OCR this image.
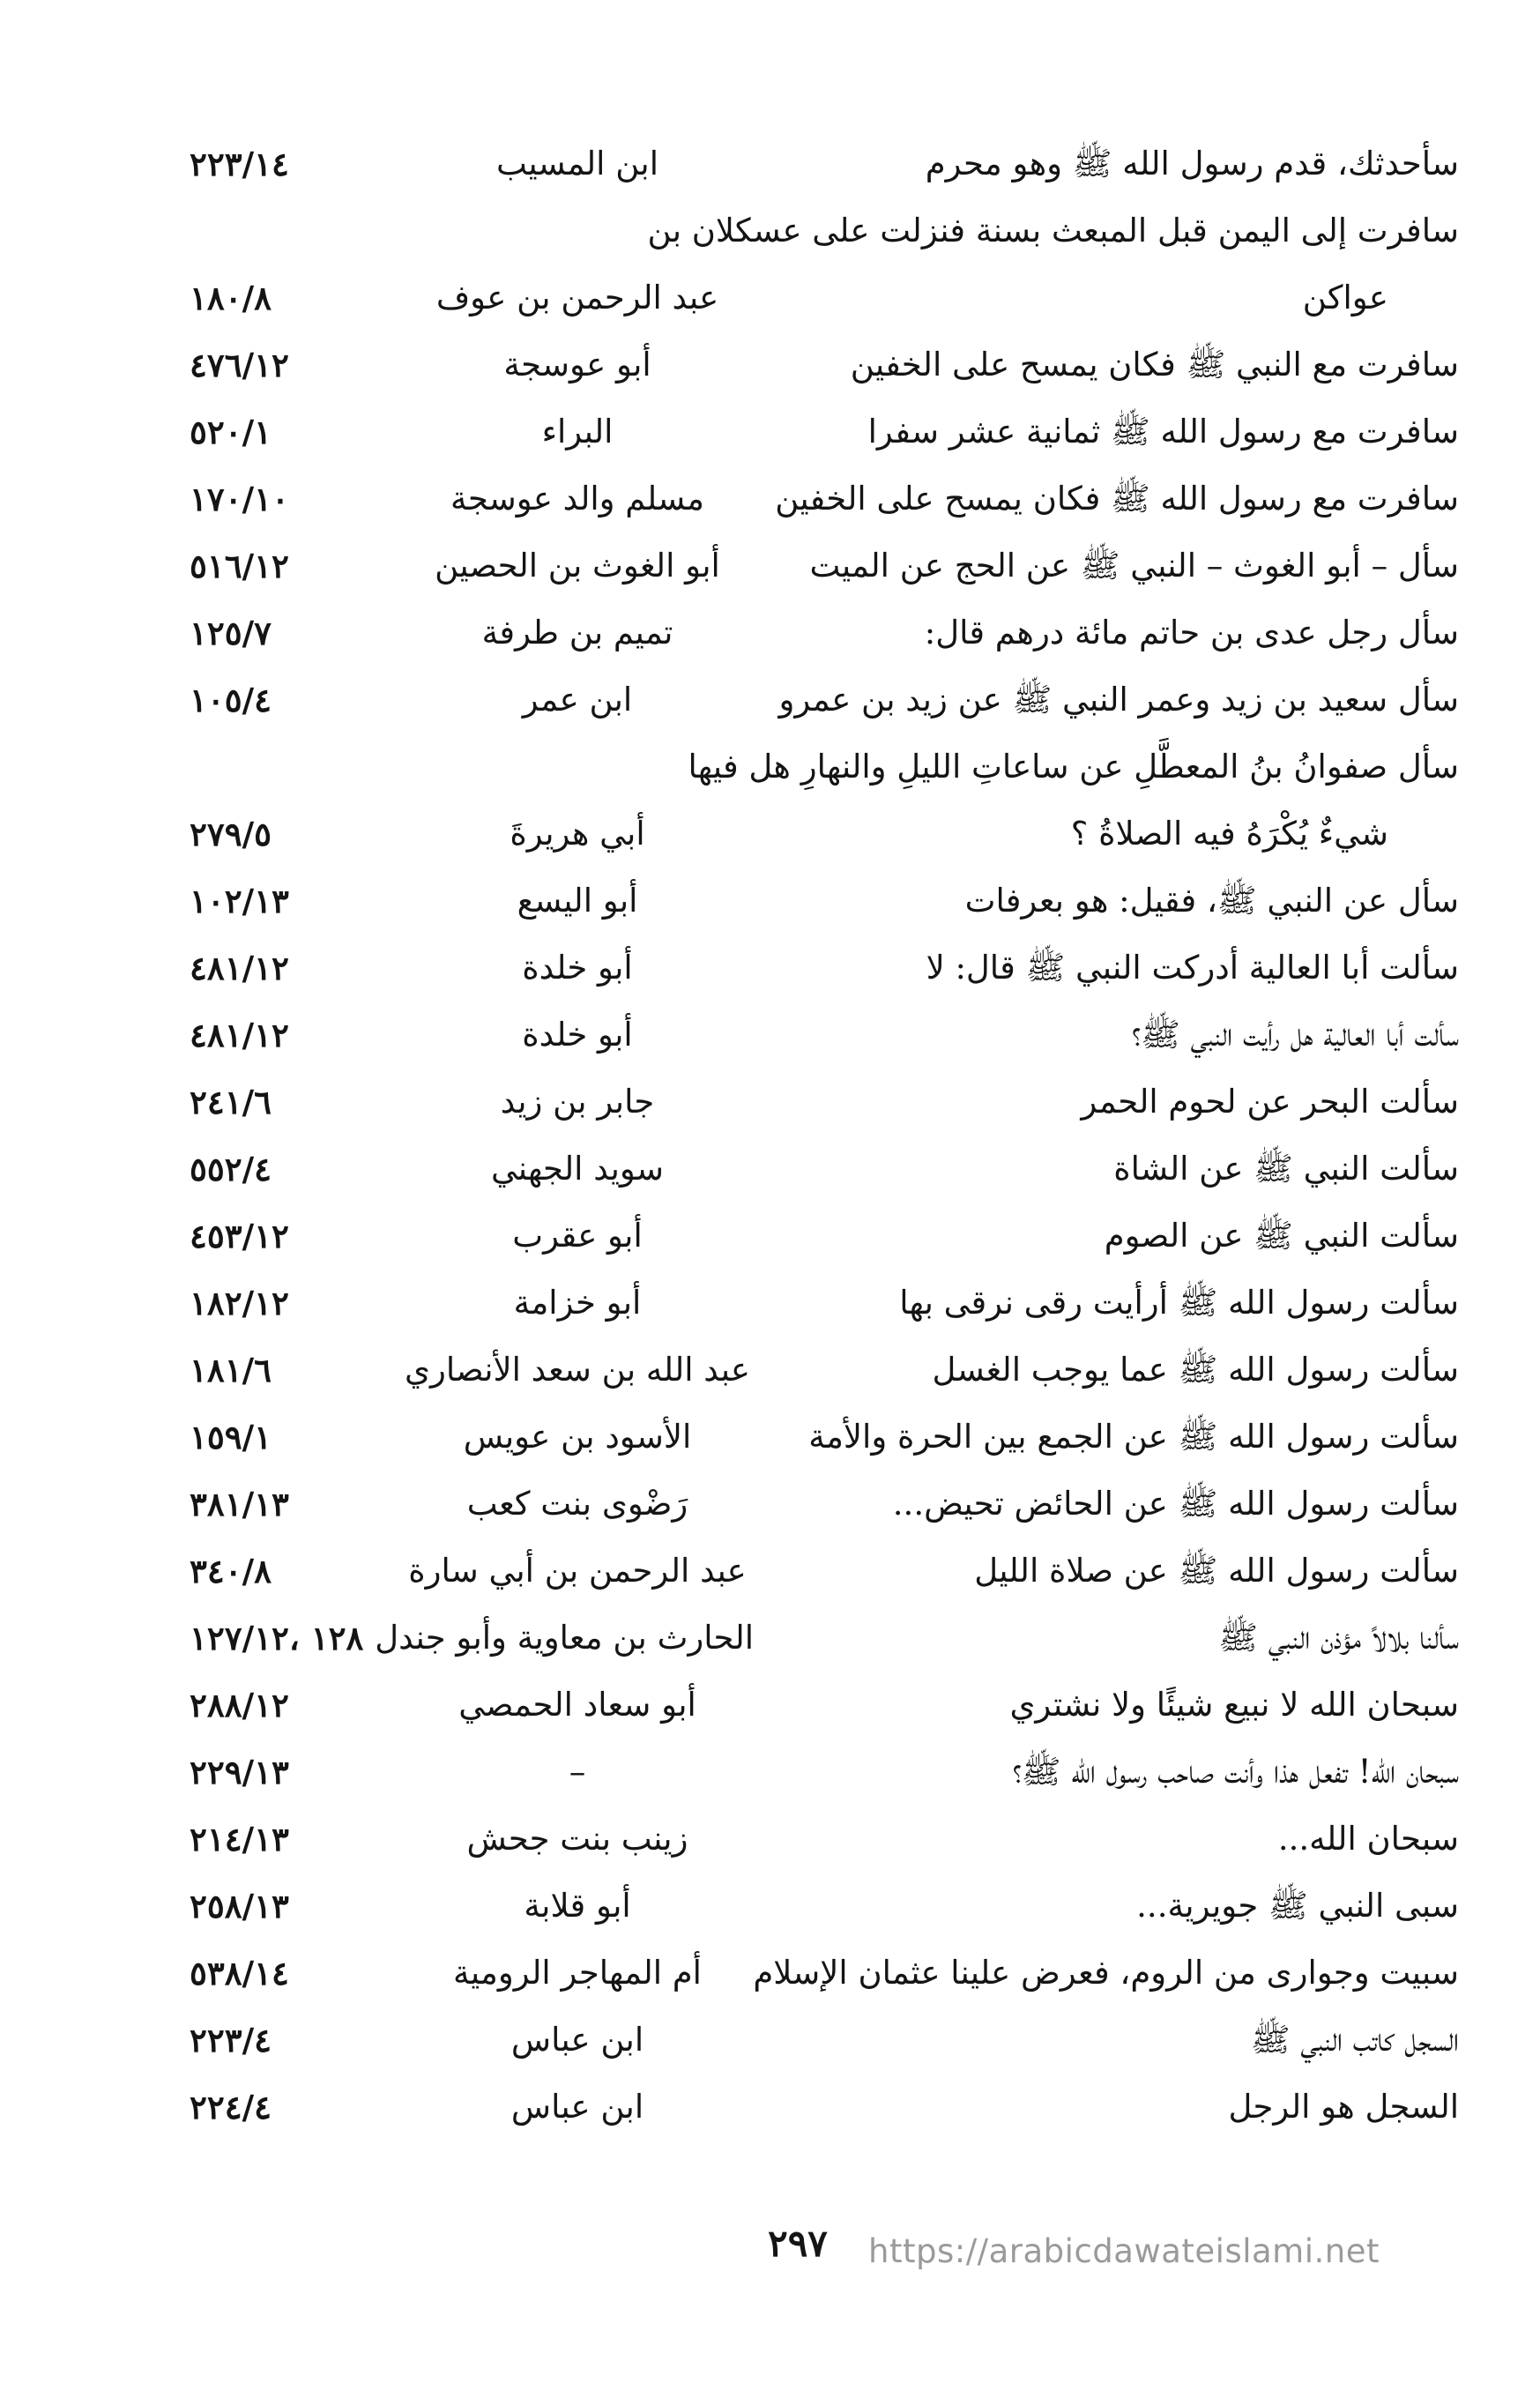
سأحدثك، قدم رسول الله ﷺ وهو محرم
ابن المسيب
٢٢٣/١٤
سافرت إلى اليمن قبل المبعث بسنة فنزلت على عسكلان بن
عواكن
عبد الرحمن بن عوف
١٨٠/٨
سافرت مع النبي ﷺ فكان يمسح على الخفين
أبو عوسجة
٤٧٦/١٢
سافرت مع رسول الله ﷺ ثمانية عشر سفرا
البراء
٥٢٠/١
سافرت مع رسول الله ﷺ فكان يمسح على الخفين
مسلم والد عوسجة
١٧٠/١٠
سأل – أبو الغوث – النبي ﷺ عن الحج عن الميت
أبو الغوث بن الحصين
٥١٦/١٢
سأل رجل عدى بن حاتم مائة درهم قال:
تميم بن طرفة
١٢٥/٧
سأل سعيد بن زيد وعمر النبي ﷺ عن زيد بن عمرو
ابن عمر
١٠٥/٤
سأل صفوانُ بنُ المعطَّلِ عن ساعاتِ الليلِ والنهارِ هل فيها
شيءٌ يُكْرَهُ فيه الصلاةُ ؟
أبي هريرةَ
٢٧٩/٥
سأل عن النبي ﷺ، فقيل: هو بعرفات
أبو اليسع
١٠٢/١٣
سألت أبا العالية أدركت النبي ﷺ قال: لا
أبو خلدة
٤٨١/١٢
سألت أبا العالية هل رأيت النبي ﷺ؟
أبو خلدة
٤٨١/١٢
سألت البحر عن لحوم الحمر
جابر بن زيد
٢٤١/٦
سألت النبي ﷺ عن الشاة
سويد الجهني
٥٥٢/٤
سألت النبي ﷺ عن الصوم
أبو عقرب
٤٥٣/١٢
سألت رسول الله ﷺ أرأيت رقى نرقى بها
أبو خزامة
١٨٢/١٢
سألت رسول الله ﷺ عما يوجب الغسل
عبد الله بن سعد الأنصاري
١٨١/٦
سألت رسول الله ﷺ عن الجمع بين الحرة والأمة
الأسود بن عويس
١٥٩/١
سألت رسول الله ﷺ عن الحائض تحيض...
رَضْوى بنت كعب
٣٨١/١٣
سألت رسول الله ﷺ عن صلاة الليل
عبد الرحمن بن أبي سارة
٣٤٠/٨
سألنا بلالاً مؤذن النبي ﷺ
الحارث بن معاوية وأبو جندل
١٢٨ ،١٢٧/١٢
سبحان الله لا نبيع شيئًا ولا نشتري
أبو سعاد الحمصي
٢٨٨/١٢
سبحان الله! تفعل هذا وأنت صاحب رسول الله ﷺ؟
–
٢٢٩/١٣
سبحان الله...
زينب بنت جحش
٢١٤/١٣
سبى النبي ﷺ جويرية...
أبو قلابة
٢٥٨/١٣
سبيت وجوارى من الروم، فعرض علينا عثمان الإسلام
أم المهاجر الرومية
٥٣٨/١٤
السجل كاتب النبي ﷺ
ابن عباس
٢٢٣/٤
السجل هو الرجل
ابن عباس
٢٢٤/٤
٢٩٧	https://arabicdawateislami.net
